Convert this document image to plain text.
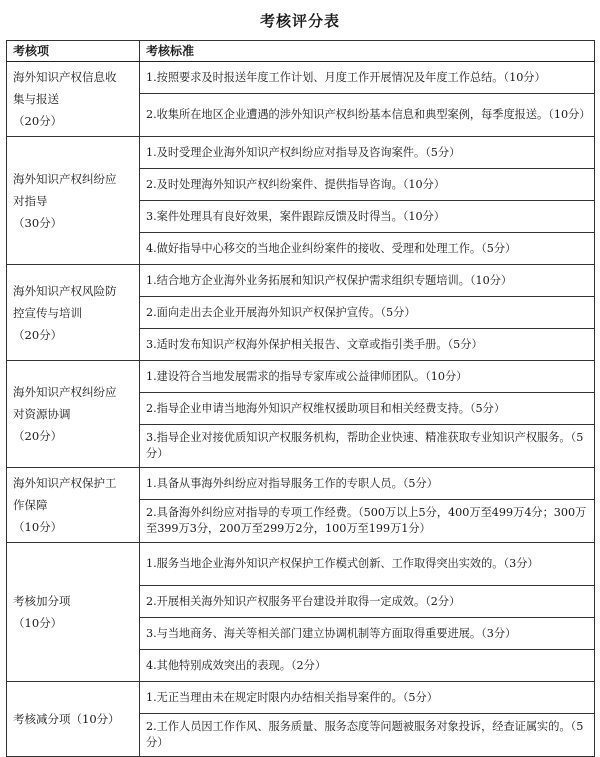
考核评分表
考核项	考核标准

海外知识产权信息收
集与报送
（20分）	1.按照要求及时报送年度工作计划、月度工作开展情况及年度工作总结。（10分）
	2.收集所在地区企业遭遇的涉外知识产权纠纷基本信息和典型案例，每季度报送。（10分）

海外知识产权纠纷应
对指导
（30分）	1.及时受理企业海外知识产权纠纷应对指导及咨询案件。（5分）
	2.及时处理海外知识产权纠纷案件、提供指导咨询。（10分）
	3.案件处理具有良好效果，案件跟踪反馈及时得当。（10分）
	4.做好指导中心移交的当地企业纠纷案件的接收、受理和处理工作。（5分）

海外知识产权风险防
控宣传与培训
（20分）	1.结合地方企业海外业务拓展和知识产权保护需求组织专题培训。（10分）
	2.面向走出去企业开展海外知识产权保护宣传。（5分）
	3.适时发布知识产权海外保护相关报告、文章或指引类手册。（5分）

海外知识产权纠纷应
对资源协调
（20分）	1.建设符合当地发展需求的指导专家库或公益律师团队。（10分）
	2.指导企业申请当地海外知识产权维权援助项目和相关经费支持。（5分）
	3.指导企业对接优质知识产权服务机构，帮助企业快速、精准获取专业知识产权服务。（5分）

海外知识产权保护工
作保障
（10分）	1.具备从事海外纠纷应对指导服务工作的专职人员。（5分）
	2.具备海外纠纷应对指导的专项工作经费。（500万以上5分，400万至499万4分；300万至399万3分，200万至299万2分，100万至199万1分）

考核加分项
（10分）	1.服务当地企业海外知识产权保护工作模式创新、工作取得突出实效的。（3分）
	2.开展相关海外知识产权服务平台建设并取得一定成效。（2分）
	3.与当地商务、海关等相关部门建立协调机制等方面取得重要进展。（3分）
	4.其他特别成效突出的表现。（2分）

考核减分项（10分）	1.无正当理由未在规定时限内办结相关指导案件的。（5分）
	2.工作人员因工作作风、服务质量、服务态度等问题被服务对象投诉，经查证属实的。（5分）
